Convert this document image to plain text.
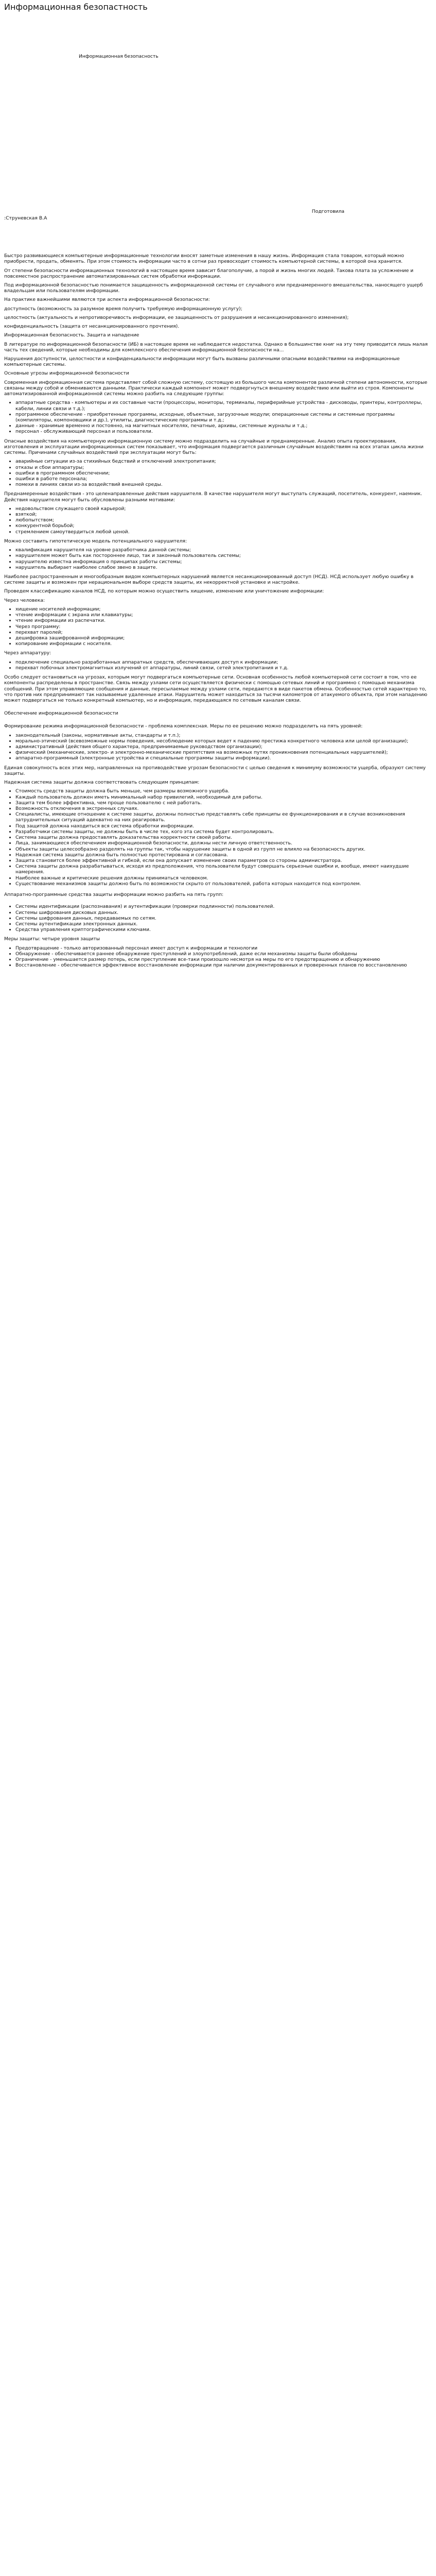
Информационная безопастность
Информационная безопасность
Подготовила
:Струневская В.А

Быстро развивающиеся компьютерные информационные технологии вносят заметные изменения в нашу жизнь. Информация стала товаром, который можно приобрести, продать, обменять. При этом стоимость информации часто в сотни раз превосходит стоимость компьютерной системы, в которой она хранится.

От степени безопасности информационных технологий в настоящее время зависит благополучие, а порой и жизнь многих людей. Такова плата за усложнение и повсеместное распространение автоматизированных систем обработки информации.

Под информационной безопасностью понимается защищенность информационной системы от случайного или преднамеренного вмешательства, наносящего ущерб владельцам или пользователям информации.

На практике важнейшими являются три аспекта информационной безопасности:

доступность (возможность за разумное время получить требуемую информационную услугу);

целостность (актуальность и непротиворечивость информации, ее защищенность от разрушения и несанкционированного изменения);

конфиденциальность (защита от несанкционированного прочтения).

Информационная безопасность. Защита и нападение

В литературе по информационной безопасности (ИБ) в настоящее время не наблюдается недостатка. Однако в большинстве книг на эту тему приводится лишь малая часть тех сведений, которые необходимы для комплексного обеспечения информационной безопасности на...

Нарушения доступности, целостности и конфиденциальности информации могут быть вызваны различными опасными воздействиями на информационные компьютерные системы.

Основные угрозы информационной безопасности

Современная информационная система представляет собой сложную систему, состоящую из большого числа компонентов различной степени автономности, которые связаны между собой и обмениваются данными. Практически каждый компонент может подвергнуться внешнему воздействию или выйти из строя. Компоненты автоматизированной информационной системы можно разбить на следующие группы:

• аппаратные средства - компьютеры и их составные части (процессоры, мониторы, терминалы, периферийные устройства - дисководы, принтеры, контроллеры, кабели, линии связи и т.д.);
• программное обеспечение - приобретенные программы, исходные, объектные, загрузочные модули; операционные системы и системные программы (компиляторы, компоновщики и др.), утилиты, диагностические программы и т.д.;
• данные - хранимые временно и постоянно, на магнитных носителях, печатные, архивы, системные журналы и т.д.;
• персонал - обслуживающий персонал и пользователи.

Опасные воздействия на компьютерную информационную систему можно подразделить на случайные и преднамеренные. Анализ опыта проектирования, изготовления и эксплуатации информационных систем показывает, что информация подвергается различным случайным воздействиям на всех этапах цикла жизни системы. Причинами случайных воздействий при эксплуатации могут быть:

• аварийные ситуации из-за стихийных бедствий и отключений электропитания;
• отказы и сбои аппаратуры;
• ошибки в программном обеспечении;
• ошибки в работе персонала;
• помехи в линиях связи из-за воздействий внешней среды.

Преднамеренные воздействия - это целенаправленные действия нарушителя. В качестве нарушителя могут выступать служащий, посетитель, конкурент, наемник. Действия нарушителя могут быть обусловлены разными мотивами:

• недовольством служащего своей карьерой;
• взяткой;
• любопытством;
• конкурентной борьбой;
• стремлением самоутвердиться любой ценой.

Можно составить гипотетическую модель потенциального нарушителя:

• квалификация нарушителя на уровне разработчика данной системы;
• нарушителем может быть как постороннее лицо, так и законный пользователь системы;
• нарушителю известна информация о принципах работы системы;
• нарушитель выбирает наиболее слабое звено в защите.

Наиболее распространенным и многообразным видом компьютерных нарушений является несанкционированный доступ (НСД). НСД использует любую ошибку в системе защиты и возможен при нерациональном выборе средств защиты, их некорректной установке и настройке.

Проведем классификацию каналов НСД, по которым можно осуществить хищение, изменение или уничтожение информации:

Через человека:

• хищение носителей информации;
• чтение информации с экрана или клавиатуры;
• чтение информации из распечатки.
• Через программу:
• перехват паролей;
• дешифровка зашифрованной информации;
• копирование информации с носителя.

Через аппаратуру:

• подключение специально разработанных аппаратных средств, обеспечивающих доступ к информации;
• перехват побочных электромагнитных излучений от аппаратуры, линий связи, сетей электропитания и т.д.

Особо следует остановиться на угрозах, которым могут подвергаться компьютерные сети. Основная особенность любой компьютерной сети состоит в том, что ее компоненты распределены в пространстве. Связь между узлами сети осуществляется физически с помощью сетевых линий и программно с помощью механизма сообщений. При этом управляющие сообщения и данные, пересылаемые между узлами сети, передаются в виде пакетов обмена. Особенностью сетей характерно то, что против них предпринимают так называемые удаленные атаки. Нарушитель может находиться за тысячи километров от атакуемого объекта, при этом нападению может подвергаться не только конкретный компьютер, но и информация, передающаяся по сетевым каналам связи.

Обеспечение информационной безопасности

Формирование режима информационной безопасности - проблема комплексная. Меры по ее решению можно подразделить на пять уровней:

• законодательный (законы, нормативные акты, стандарты и т.п.);
• морально-этический (всевозможные нормы поведения, несоблюдение которых ведет к падению престижа конкретного человека или целой организации);
• административный (действия общего характера, предпринимаемые руководством организации);
• физический (механические, электро- и электронно-механические препятствия на возможных путях проникновения потенциальных нарушителей);
• аппаратно-программный (электронные устройства и специальные программы защиты информации).

Единая совокупность всех этих мер, направленных на противодействие угрозам безопасности с целью сведения к минимуму возможности ущерба, образуют систему защиты.

Надежная система защиты должна соответствовать следующим принципам:

• Стоимость средств защиты должна быть меньше, чем размеры возможного ущерба.
• Каждый пользователь должен иметь минимальный набор привилегий, необходимый для работы.
• Защита тем более эффективна, чем проще пользователю с ней работать.
• Возможность отключения в экстренных случаях.
• Специалисты, имеющие отношение к системе защиты, должны полностью представлять себе принципы ее функционирования и в случае возникновения затруднительных ситуаций адекватно на них реагировать.
• Под защитой должна находиться вся система обработки информации.
• Разработчики системы защиты, не должны быть в числе тех, кого эта система будет контролировать.
• Система защиты должна предоставлять доказательства корректности своей работы.
• Лица, занимающиеся обеспечением информационной безопасности, должны нести личную ответственность.
• Объекты защиты целесообразно разделять на группы так, чтобы нарушение защиты в одной из групп не влияло на безопасность других.
• Надежная система защиты должна быть полностью протестирована и согласована.
• Защита становится более эффективной и гибкой, если она допускает изменение своих параметров со стороны администратора.
• Система защиты должна разрабатываться, исходя из предположения, что пользователи будут совершать серьезные ошибки и, вообще, имеют наихудшие намерения.
• Наиболее важные и критические решения должны приниматься человеком.
• Существование механизмов защиты должно быть по возможности скрыто от пользователей, работа которых находится под контролем.

Аппаратно-программные средства защиты информации можно разбить на пять групп:

• Системы идентификации (распознавания) и аутентификации (проверки подлинности) пользователей.
• Системы шифрования дисковых данных.
• Системы шифрования данных, передаваемых по сетям.
• Системы аутентификации электронных данных.
• Средства управления криптографическими ключами.

Меры защиты: четыре уровня защиты

• Предотвращение - только авторизованный персонал имеет доступ к информации и технологии
• Обнаружение - обеспечивается раннее обнаружение преступлений и злоупотреблений, даже если механизмы защиты были обойдены
• Ограничение - уменьшается размер потерь, если преступление все-таки произошло несмотря на меры по его предотвращению и обнаружению
• Восстановление - обеспечивается эффективное восстановление информации при наличии документированных и проверенных планов по восстановлению
